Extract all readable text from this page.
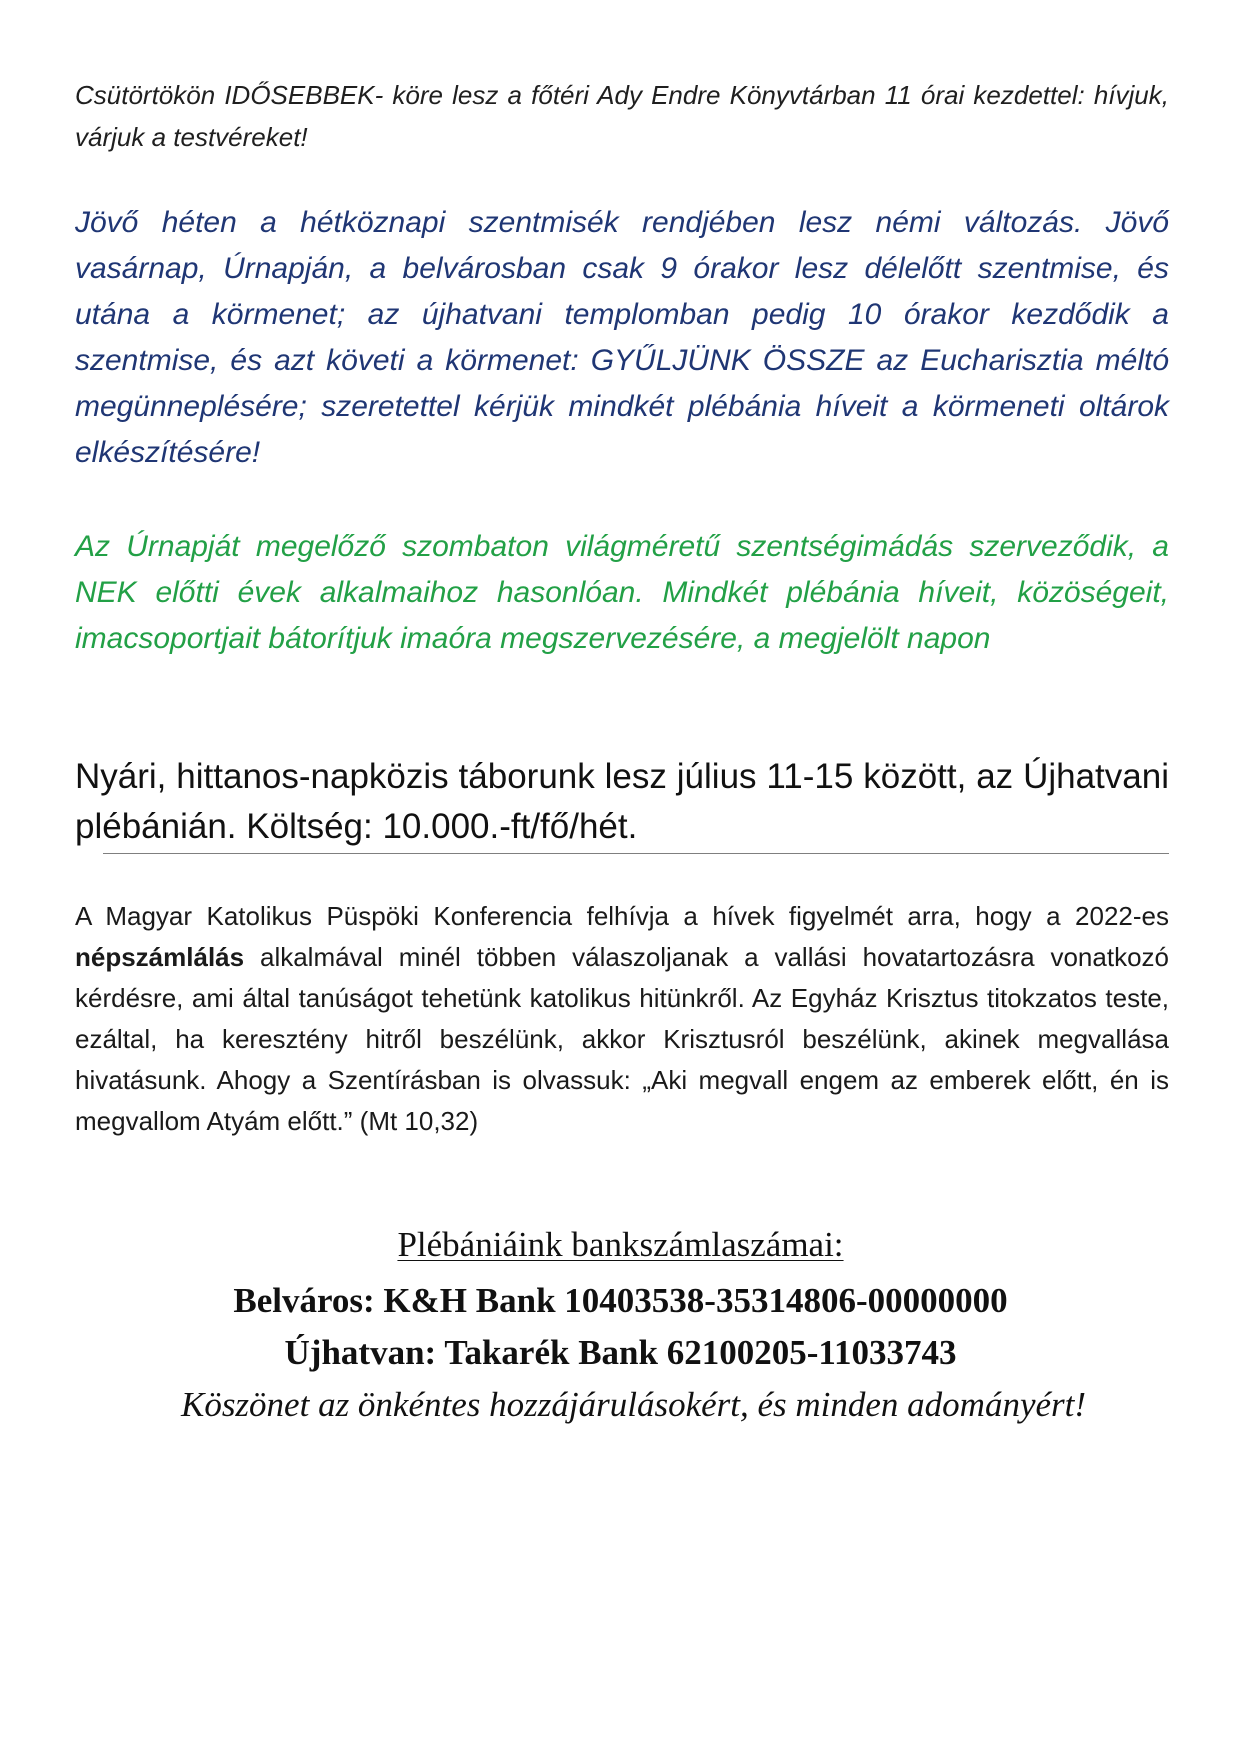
Csütörtökön IDŐSEBBEK- köre lesz a főtéri Ady Endre Könyvtárban 11 órai kezdettel: hívjuk, várjuk a testvéreket!

Jövő héten a hétköznapi szentmisék rendjében lesz némi változás. Jövő vasárnap, Úrnapján, a belvárosban csak 9 órakor lesz délelőtt szentmise, és utána a körmenet; az újhatvani templomban pedig 10 órakor kezdődik a szentmise, és azt követi a körmenet: GYŰLJÜNK ÖSSZE az Eucharisztia méltó megünneplésére; szeretettel kérjük mindkét plébánia híveit a körmeneti oltárok elkészítésére!

Az Úrnapját megelőző szombaton világméretű szentségimádás szerveződik, a NEK előtti évek alkalmaihoz hasonlóan. Mindkét plébánia híveit, közöségeit, imacsoportjait bátorítjuk imaóra megszervezésére, a megjelölt napon

Nyári, hittanos-napközis táborunk lesz július 11-15 között, az Újhatvani plébánián. Költség: 10.000.-ft/fő/hét.

A Magyar Katolikus Püspöki Konferencia felhívja a hívek figyelmét arra, hogy a 2022-es népszámlálás alkalmával minél többen válaszoljanak a vallási hovatartozásra vonatkozó kérdésre, ami által tanúságot tehetünk katolikus hitünkről. Az Egyház Krisztus titokzatos teste, ezáltal, ha keresztény hitről beszélünk, akkor Krisztusról beszélünk, akinek megvallása hivatásunk. Ahogy a Szentírásban is olvassuk: „Aki megvall engem az emberek előtt, én is megvallom Atyám előtt.” (Mt 10,32)

Plébániáink bankszámlaszámai:

Belváros: K&H Bank 10403538-35314806-00000000

Újhatvan: Takarék Bank 62100205-11033743

Köszönet az önkéntes hozzájárulásokért, és minden adományért!
